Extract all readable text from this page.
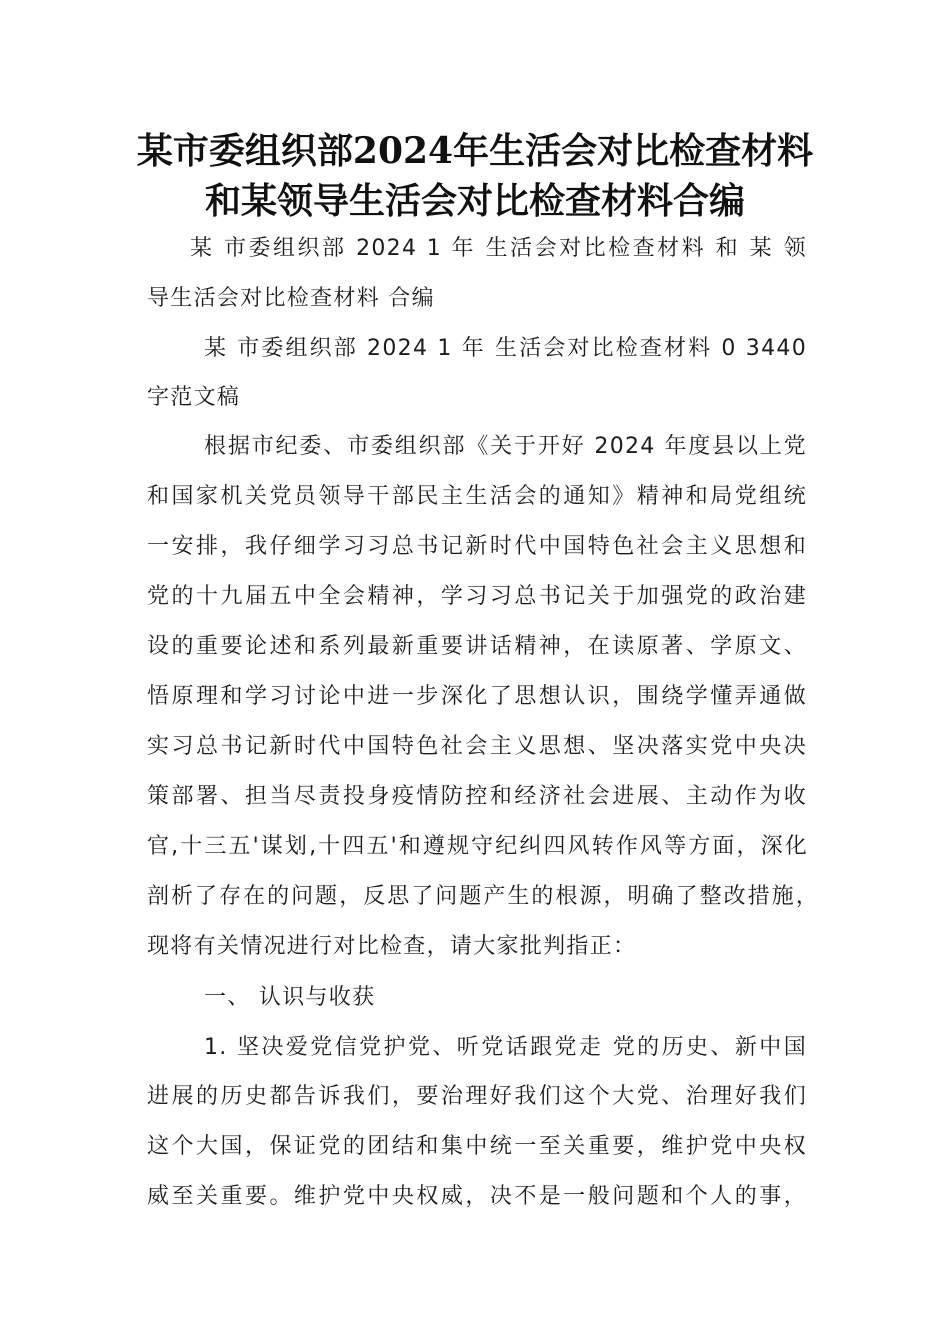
某市委组织部2024年生活会对比检查材料
和某领导生活会对比检查材料合编
某 市委组织部 2024 1 年 生活会对比检查材料 和 某 领
导生活会对比检查材料 合编
某 市委组织部 2024 1 年 生活会对比检查材料 0 3440
字范文稿
根据市纪委、市委组织部《关于开好 2024 年度县以上党
和国家机关党员领导干部民主生活会的通知》精神和局党组统
一安排，我仔细学习习总书记新时代中国特色社会主义思想和
党的十九届五中全会精神，学习习总书记关于加强党的政治建
设的重要论述和系列最新重要讲话精神，在读原著、学原文、
悟原理和学习讨论中进一步深化了思想认识，围绕学懂弄通做
实习总书记新时代中国特色社会主义思想、坚决落实党中央决
策部署、担当尽责投身疫情防控和经济社会进展、主动作为收
官,十三五'谋划,十四五'和遵规守纪纠四风转作风等方面，深化
剖析了存在的问题，反思了问题产生的根源，明确了整改措施，
现将有关情况进行对比检查，请大家批判指正：
一、 认识与收获
1. 坚决爱党信党护党、听党话跟党走 党的历史、新中国
进展的历史都告诉我们，要治理好我们这个大党、治理好我们
这个大国，保证党的团结和集中统一至关重要，维护党中央权
威至关重要。维护党中央权威，决不是一般问题和个人的事，
